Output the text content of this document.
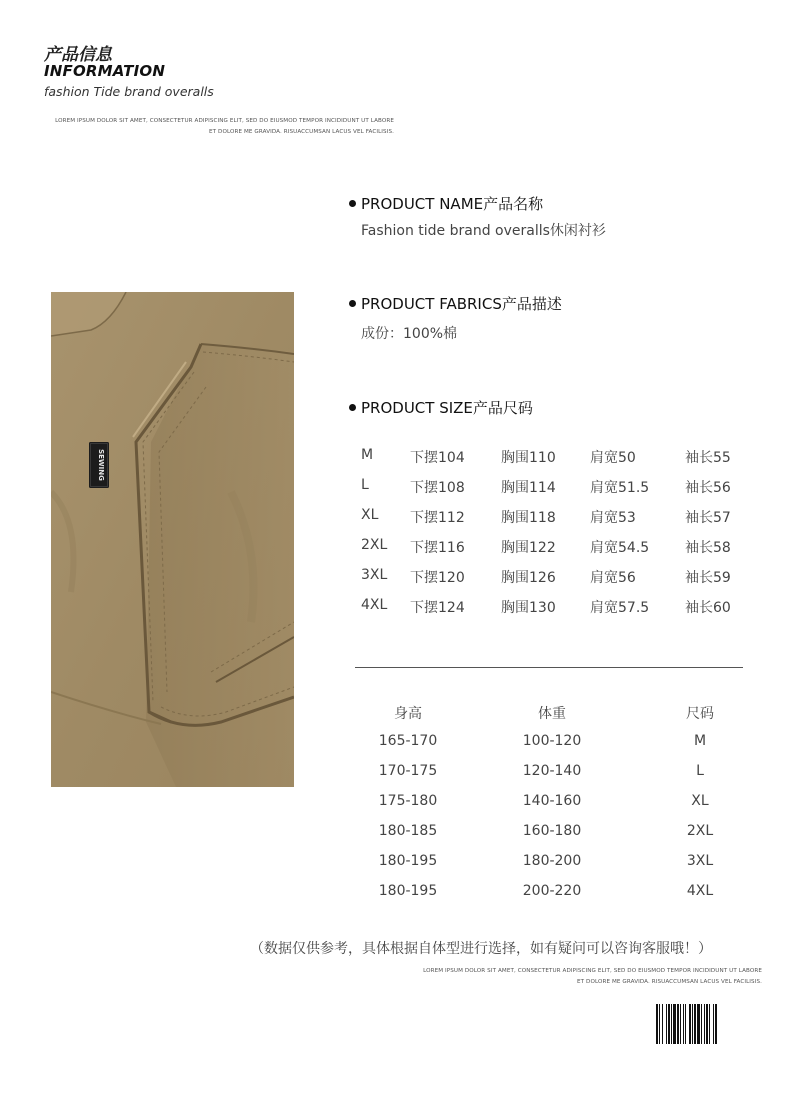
产品信息
INFORMATION
fashion Tide brand overalls
LOREM IPSUM DOLOR SIT AMET, CONSECTETUR ADIPISCING ELIT, SED DO EIUSMOD TEMPOR INCIDIDUNT UT LABORE
ET DOLORE ME GRAVIDA. RISUACCUMSAN LACUS VEL FACILISIS.
SEWING
PRODUCT NAME产品名称
Fashion tide brand overalls休闲衬衫
PRODUCT FABRICS产品描述
成份：100%棉
PRODUCT SIZE产品尺码
M	下摆104	胸围110 肩宽50	袖长55
L	下摆108	胸围114 肩宽51.5	袖长56
XL 下摆112	胸围118 肩宽53	袖长57
2XL 下摆116	胸围122 肩宽54.5	袖长58
3XL 下摆120	胸围126 肩宽56	袖长59
4XL 下摆124	胸围130 肩宽57.5	袖长60
身高	体重	尺码
165-170	100-120	M
170-175	120-140	L
175-180	140-160	XL
180-185	160-180	2XL
180-195	180-200	3XL
180-195	200-220	4XL
（数据仅供参考，具体根据自体型进行选择，如有疑问可以咨询客服哦！）
LOREM IPSUM DOLOR SIT AMET, CONSECTETUR ADIPISCING ELIT, SED DO EIUSMOD TEMPOR INCIDIDUNT UT LABORE
ET DOLORE ME GRAVIDA. RISUACCUMSAN LACUS VEL FACILISIS.
